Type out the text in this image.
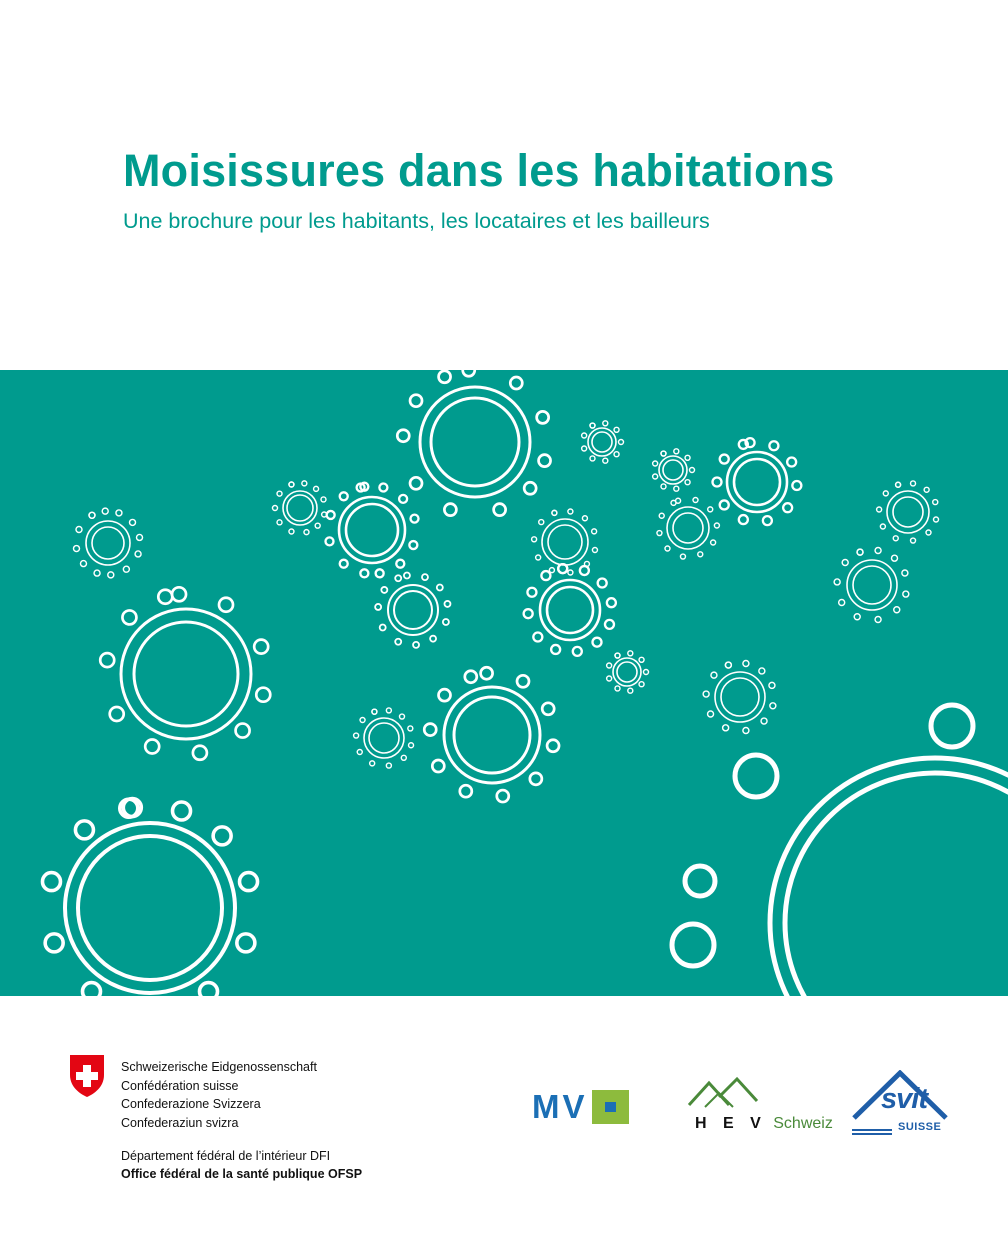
Moisissures dans les habitations

Une brochure pour les habitants, les locataires et les bailleurs

Schweizerische Eidgenossenschaft
Confédération suisse
Confederazione Svizzera
Confederaziun svizra
Département fédéral de l’intérieur DFI
Office fédéral de la santé publique OFSP
MV	H E V Schweiz
svit
SUISSE
